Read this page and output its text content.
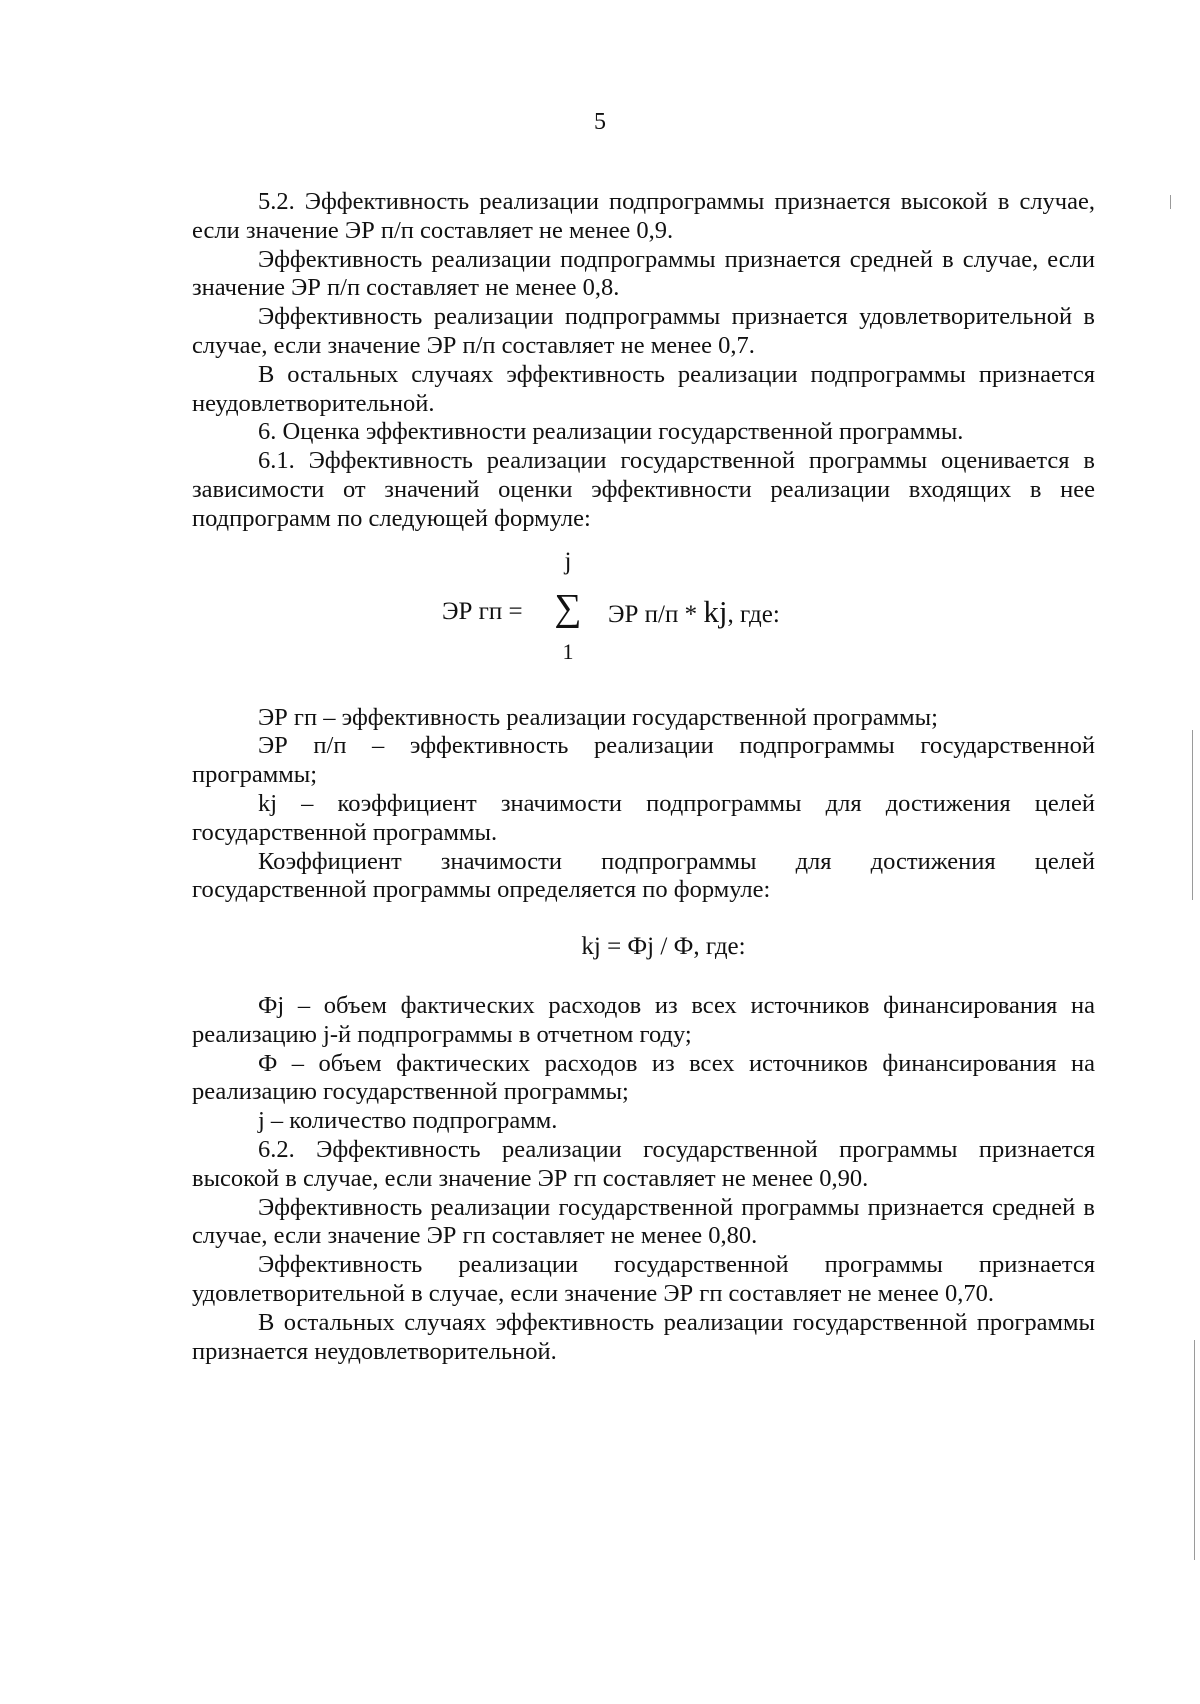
5

5.2. Эффективность реализации подпрограммы признается высокой в случае, если значение ЭР п/п составляет не менее 0,9.

Эффективность реализации подпрограммы признается средней в случае, если значение ЭР п/п составляет не менее 0,8.

Эффективность реализации подпрограммы признается удовлетворительной в случае, если значение ЭР п/п составляет не менее 0,7.

В остальных случаях эффективность реализации подпрограммы признается неудовлетворительной.

6. Оценка эффективности реализации государственной программы.

6.1. Эффективность реализации государственной программы оценивается в зависимости от значений оценки эффективности реализации входящих в нее подпрограмм по следующей формуле:

ЭР гп =
j
∑
1
ЭР п/п * kj, где:

ЭР гп – эффективность реализации государственной программы;

ЭР п/п – эффективность реализации подпрограммы государственной программы;

kj – коэффициент значимости подпрограммы для достижения целей государственной программы.

Коэффициент значимости подпрограммы для достижения целей государственной программы определяется по формуле:

kj = Фj / Ф, где:

Фj – объем фактических расходов из всех источников финансирования на реализацию j-й подпрограммы в отчетном году;

Ф – объем фактических расходов из всех источников финансирования на реализацию государственной программы;

j – количество подпрограмм.

6.2. Эффективность реализации государственной программы признается высокой в случае, если значение ЭР гп составляет не менее 0,90.

Эффективность реализации государственной программы признается средней в случае, если значение ЭР гп составляет не менее 0,80.

Эффективность реализации государственной программы признается удовлетворительной в случае, если значение ЭР гп составляет не менее 0,70.

В остальных случаях эффективность реализации государственной программы признается неудовлетворительной.
